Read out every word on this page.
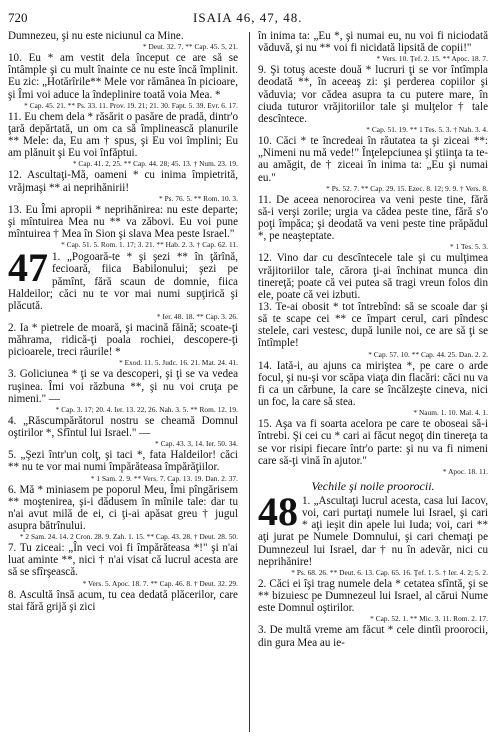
720	ISAIA 46, 47, 48.
Dumnezeu, şi nu este niciunul ca Mine.
* Deut. 32. 7. ** Cap. 45. 5, 21.
10. Eu * am vestit dela început ce are să se întâmple şi cu mult înainte ce nu este încă împlinit. Eu zic: „Hotărîrile** Mele vor rămânea în picioare, şi Îmi voi aduce la îndeplinire toată voia Mea. *
* Cap. 45. 21. ** Ps. 33. 11. Prov. 19. 21; 21. 30. Fapt. 5. 39. Evr. 6. 17.
11. Eu chem dela * răsărit o pasăre de pradă, dintr'o ţară depărtată, un om ca să împlinească planurile ** Mele: da, Eu am † spus, şi Eu voi împlini; Eu am plănuit şi Eu voi înfăptui.
* Cap. 41. 2, 25. ** Cap. 44. 28; 45. 13. † Num. 23. 19.
12. Ascultaţi-Mă, oameni * cu inima împietrită, vrăjmaşi ** ai neprihănirii!
* Ps. 76. 5. ** Rom. 10. 3.
13. Eu Îmi apropii * neprihănirea: nu este departe; şi mîntuirea Mea nu ** va zăbovi. Eu voi pune mîntuirea † Mea în Sion şi slava Mea peste Israel."
* Cap. 51. 5. Rom. 1. 17; 3. 21. ** Hab. 2. 3. † Cap. 62. 11.
47 1. „Pogoară-te * şi şezi ** în ţărînă, fecioară, fiica Babilonului; şezi pe pămînt, fără scaun de domnie, fiica Haldeilor; căci nu te vor mai numi supţirică şi plăcută.
* Ier. 48. 18. ** Cap. 3. 26.
2. Ia * pietrele de moară, şi macină făină; scoate-ţi măhrama, ridică-ţi poala rochiei, descopere-ţi picioarele, treci râurile! *
* Exod. 11. 5. Judc. 16. 21. Mat. 24. 41.
3. Goliciunea * ţi se va descoperi, şi ţi se va vedea ruşinea. Îmi voi răzbuna **, şi nu voi cruţa pe nimeni." —
* Cap. 3. 17; 20. 4. Ier. 13. 22, 26. Nah. 3. 5. ** Rom. 12. 19.
4. „Răscumpărătorul nostru se cheamă Domnul oştirilor *, Sfîntul lui Israel." —
* Cap. 43. 3, 14. Ier. 50. 34.
5. „Şezi într'un colţ, şi taci *, fata Haldeilor! căci ** nu te vor mai numi împărăteasa împărăţiilor.
* 1 Sam. 2. 9. ** Vers. 7. Cap. 13. 19. Dan. 2. 37.
6. Mă * miniasem pe poporul Meu, Îmi pîngărisem ** moştenirea, şi-i dădusem în mînile tale: dar tu n'ai avut milă de ei, ci ţi-ai apăsat greu † jugul asupra bătrînului.
* 2 Sam. 24. 14. 2 Cron. 28. 9. Zah. 1. 15. ** Cap. 43. 28. † Deut. 28. 50.
7. Tu ziceai: „În veci voi fi împărăteasa *!" şi n'ai luat aminte **, nici † n'ai visat că lucrul acesta are să se sfîrşească.
* Vers. 5. Apoc. 18. 7. ** Cap. 46. 8. † Deut. 32. 29.
8. Ascultă însă acum, tu cea dedată plăcerilor, care stai fără grijă şi zici
în inima ta: „Eu *, şi numai eu, nu voi fi niciodată văduvă, şi nu ** voi fi nicidată lipsită de copii!"
* Vers. 10. Ţef. 2. 15. ** Apoc. 18. 7.
9. Şi totuş aceste două * lucruri ţi se vor întîmpla deodată **, în aceeaş zi: şi perderea copiilor şi văduvia; vor cădea asupra ta cu putere mare, în ciuda tuturor vrăjitoriilor tale şi mulţelor † tale descîntece.
* Cap. 51. 19. ** 1 Tes. 5. 3. † Nah. 3. 4.
10. Căci * te încredeai în răutatea ta şi ziceai **: „Nimeni nu mă vede!" Înţelepciunea şi ştiinţa ta te-au amăgit, de † ziceai în inima ta: „Eu şi numai eu."
* Ps. 52. 7. ** Cap. 29. 15. Ezec. 8. 12; 9. 9. † Vers. 8.
11. De aceea nenorocirea va veni peste tine, fără să-i verşi zorile; urgia va cădea peste tine, fără s'o poţi împăca; şi deodată va veni peste tine prăpădul *, pe neaşteptate.
* 1 Tes. 5. 3.
12. Vino dar cu descîntecele tale şi cu mulţimea vrăjitoriilor tale, cărora ţi-ai închinat munca din tinereţă; poate că vei putea să tragi vreun folos din ele, poate că vei izbuti.
13. Te-ai obosit * tot întrebînd: să se scoale dar şi să te scape cei ** ce împart cerul, cari pîndesc stelele, cari vestesc, după lunile noi, ce are să ţi se întîmple!
* Cap. 57. 10. ** Cap. 44. 25. Dan. 2. 2.
14. Iată-i, au ajuns ca miriştea *, pe care o arde focul, şi nu-şi vor scăpa viaţa din flacări: căci nu va fi ca un cărbune, la care se încălzeşte cineva, nici un foc, la care să stea.
* Naum. 1. 10. Mal. 4. 1.
15. Aşa va fi soarta acelora pe care te oboseai să-i întrebi. Şi cei cu * cari ai făcut negoţ din tinereţa ta se vor risipi fiecare într'o parte: şi nu va fi nimeni care să-ţi vină în ajutor."
* Apoc. 18. 11.
Vechile şi noile proorocii.
48 1. „Ascultaţi lucrul acesta, casa lui Iacov, voi, cari purtaţi numele lui Israel, şi cari * aţi ieşit din apele lui Iuda; voi, cari ** aţi jurat pe Numele Domnului, şi cari chemaţi pe Dumnezeul lui Israel, dar † nu în adevăr, nici cu neprihănire!
* Ps. 68. 26. ** Deut. 6. 13. Cap. 65. 16. Ţef. 1. 5. † Ier. 4. 2; 5. 2.
2. Căci ei îşi trag numele dela * cetatea sfîntă, şi se ** bizuiesc pe Dumnezeul lui Israel, al cărui Nume este Domnul oştirilor.
* Cap. 52. 1. ** Mic. 3. 11. Rom. 2. 17.
3. De multă vreme am făcut * cele dintîi proorocii, din gura Mea au ie-
